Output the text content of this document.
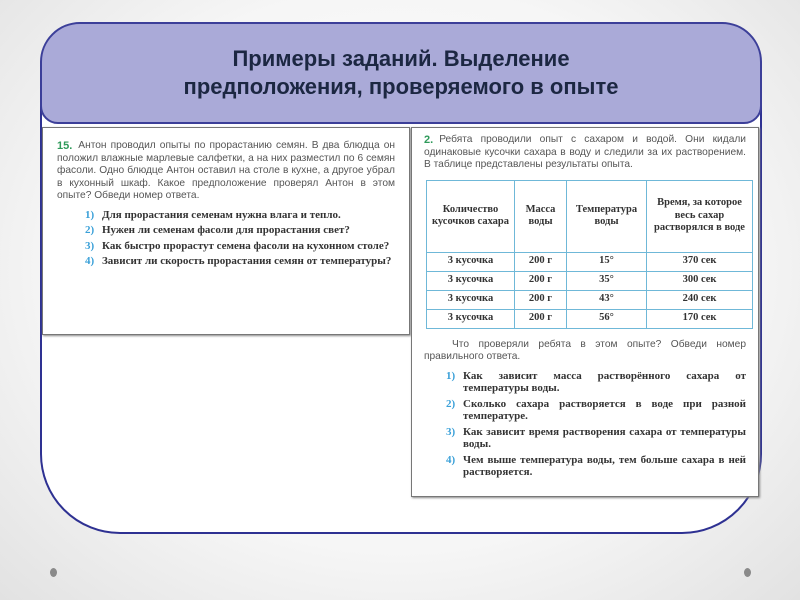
Примеры заданий. Выделение
предположения, проверяемого в опыте
15. Антон проводил опыты по прорастанию семян. В два блюдца он положил влажные марлевые салфетки, а на них разместил по 6 семян фасоли. Одно блюдце Антон оставил на столе в кухне, а другое убрал в кухонный шкаф. Какое предположение проверял Антон в этом опыте? Обведи номер ответа.
1) Для прорастания семенам нужна влага и тепло.
2) Нужен ли семенам фасоли для прорастания свет?
3) Как быстро прорастут семена фасоли на кухонном столе?
4) Зависит ли скорость прорастания семян от температуры?
2. Ребята проводили опыт с сахаром и водой. Они кидали одинаковые кусочки сахара в воду и следили за их растворением. В таблице представлены результаты опыта.
Количество кусочков сахара	Масса воды	Температура воды	Время, за которое весь сахар растворялся в воде
3 кусочка	200 г	15°	370 сек
3 кусочка	200 г	35°	300 сек
3 кусочка	200 г	43°	240 сек
3 кусочка	200 г	56°	170 сек
Что проверяли ребята в этом опыте? Обведи номер правильного ответа.
1) Как зависит масса растворённого сахара от температуры воды.
2) Сколько сахара растворяется в воде при разной температуре.
3) Как зависит время растворения сахара от температуры воды.
4) Чем выше температура воды, тем больше сахара в ней растворяется.
